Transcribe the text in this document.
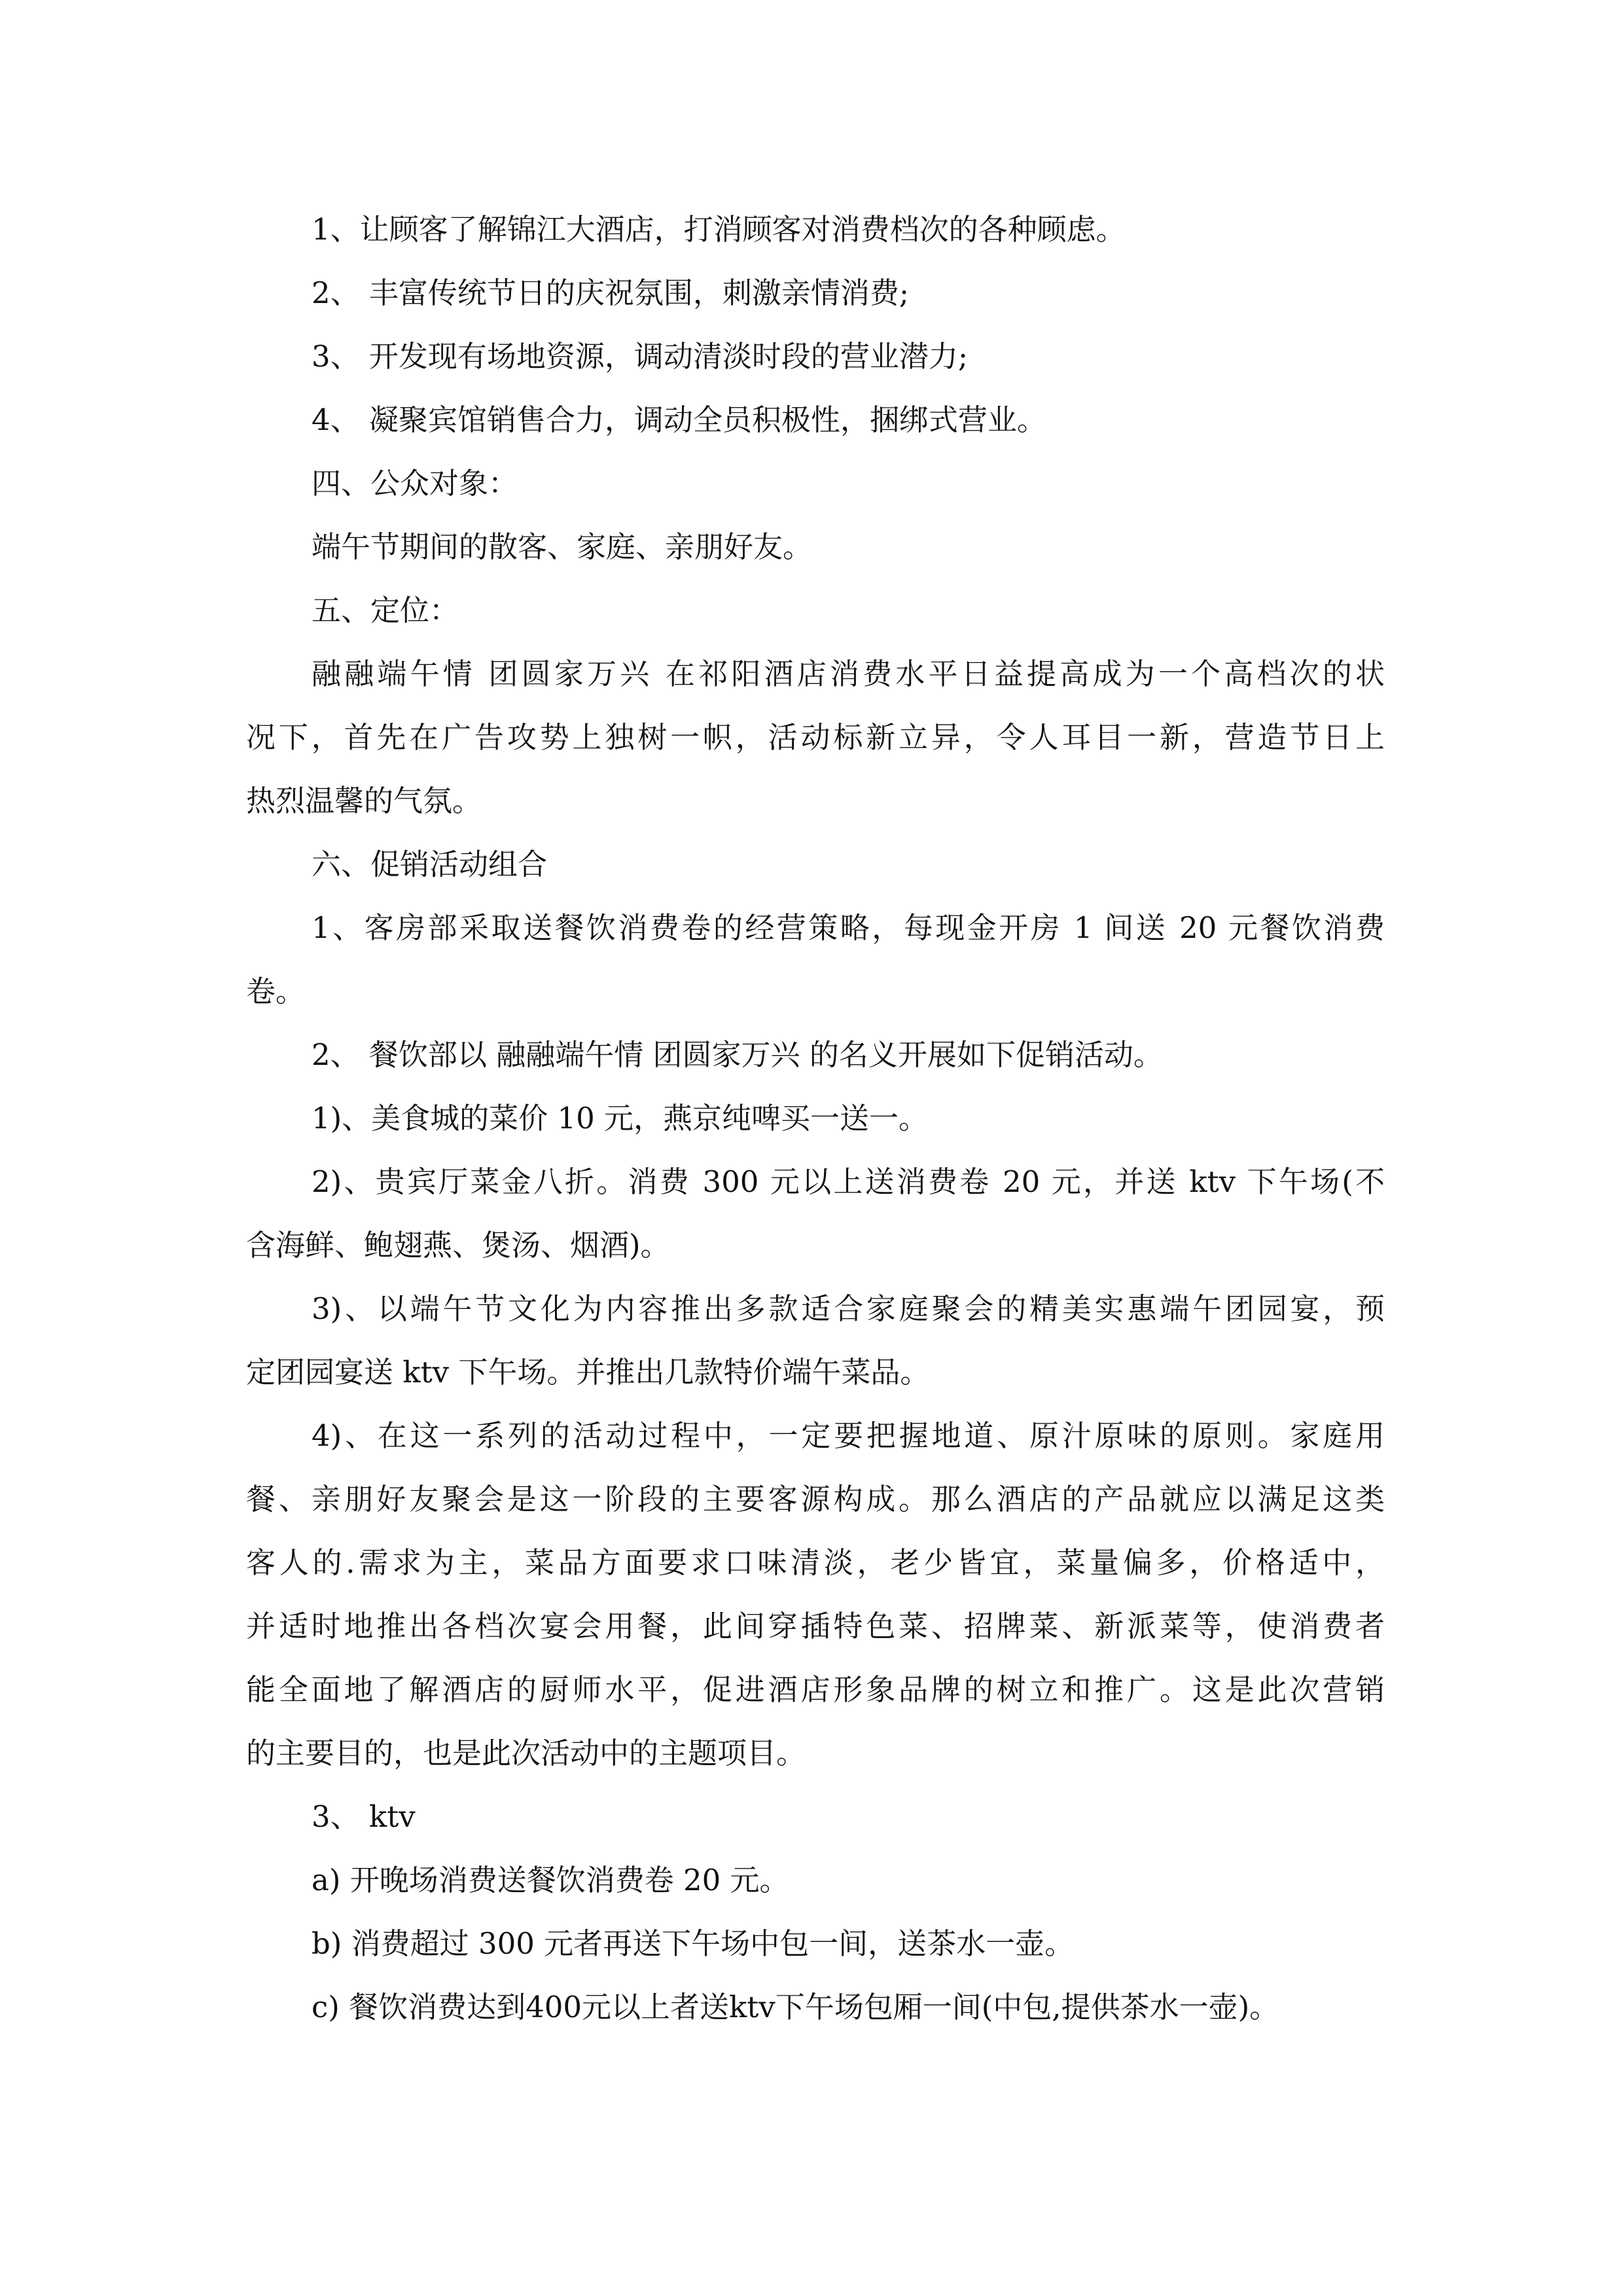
1、让顾客了解锦江大酒店，打消顾客对消费档次的各种顾虑。
2、 丰富传统节日的庆祝氛围，刺激亲情消费;
3、 开发现有场地资源，调动清淡时段的营业潜力;
4、 凝聚宾馆销售合力，调动全员积极性，捆绑式营业。
四、公众对象：
端午节期间的散客、家庭、亲朋好友。
五、定位：
融融端午情 团圆家万兴 在祁阳酒店消费水平日益提高成为一个高档次的状
况下，首先在广告攻势上独树一帜，活动标新立异，令人耳目一新，营造节日上
热烈温馨的气氛。
六、促销活动组合
1、客房部采取送餐饮消费卷的经营策略，每现金开房 1 间送 20 元餐饮消费
卷。
2、 餐饮部以 融融端午情 团圆家万兴 的名义开展如下促销活动。
1)、美食城的菜价 10 元，燕京纯啤买一送一。
2)、贵宾厅菜金八折。消费 300 元以上送消费卷 20 元，并送 ktv 下午场(不
含海鲜、鲍翅燕、煲汤、烟酒)。
3)、以端午节文化为内容推出多款适合家庭聚会的精美实惠端午团园宴，预
定团园宴送 ktv 下午场。并推出几款特价端午菜品。
4)、在这一系列的活动过程中，一定要把握地道、原汁原味的原则。家庭用
餐、亲朋好友聚会是这一阶段的主要客源构成。那么酒店的产品就应以满足这类
客人的.需求为主，菜品方面要求口味清淡，老少皆宜，菜量偏多，价格适中，
并适时地推出各档次宴会用餐，此间穿插特色菜、招牌菜、新派菜等，使消费者
能全面地了解酒店的厨师水平，促进酒店形象品牌的树立和推广。这是此次营销
的主要目的，也是此次活动中的主题项目。
3、 ktv
a) 开晚场消费送餐饮消费卷 20 元。
b) 消费超过 300 元者再送下午场中包一间，送茶水一壶。
c) 餐饮消费达到400元以上者送ktv下午场包厢一间(中包,提供茶水一壶)。
